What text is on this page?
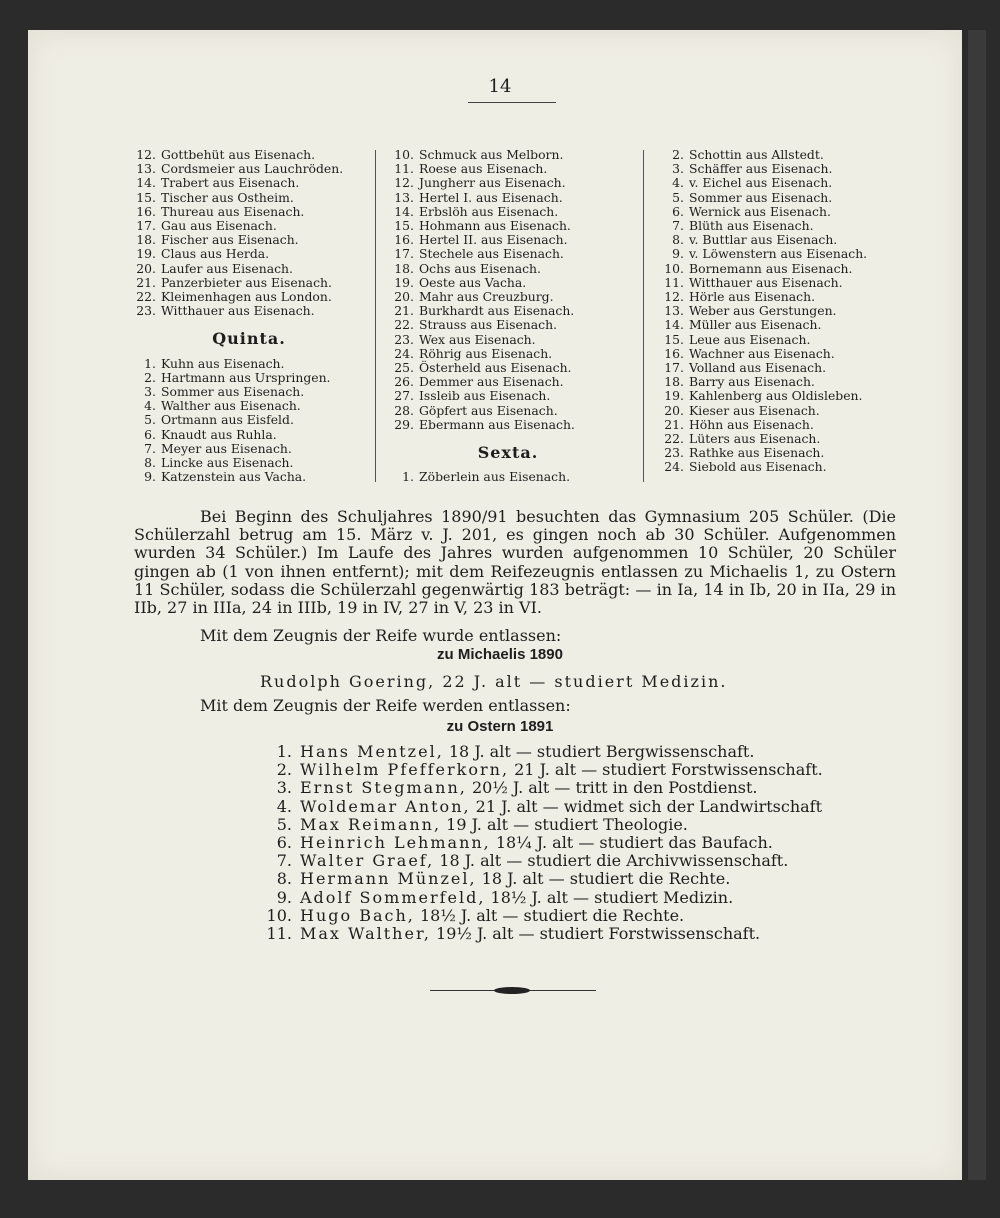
14
12. Gottbehüt aus Eisenach.
13. Cordsmeier aus Lauchröden.
14. Trabert aus Eisenach.
15. Tischer aus Ostheim.
16. Thureau aus Eisenach.
17. Gau aus Eisenach.
18. Fischer aus Eisenach.
19. Claus aus Herda.
20. Laufer aus Eisenach.
21. Panzerbieter aus Eisenach.
22. Kleimenhagen aus London.
23. Witthauer aus Eisenach.
Quinta.
1. Kuhn aus Eisenach.
2. Hartmann aus Urspringen.
3. Sommer aus Eisenach.
4. Walther aus Eisenach.
5. Ortmann aus Eisfeld.
6. Knaudt aus Ruhla.
7. Meyer aus Eisenach.
8. Lincke aus Eisenach.
9. Katzenstein aus Vacha.
10. Schmuck aus Melborn.
11. Roese aus Eisenach.
12. Jungherr aus Eisenach.
13. Hertel I. aus Eisenach.
14. Erbslöh aus Eisenach.
15. Hohmann aus Eisenach.
16. Hertel II. aus Eisenach.
17. Stechele aus Eisenach.
18. Ochs aus Eisenach.
19. Oeste aus Vacha.
20. Mahr aus Creuzburg.
21. Burkhardt aus Eisenach.
22. Strauss aus Eisenach.
23. Wex aus Eisenach.
24. Röhrig aus Eisenach.
25. Österheld aus Eisenach.
26. Demmer aus Eisenach.
27. Issleib aus Eisenach.
28. Göpfert aus Eisenach.
29. Ebermann aus Eisenach.
Sexta.
1. Zöberlein aus Eisenach.
2. Schottin aus Allstedt.
3. Schäffer aus Eisenach.
4. v. Eichel aus Eisenach.
5. Sommer aus Eisenach.
6. Wernick aus Eisenach.
7. Blüth aus Eisenach.
8. v. Buttlar aus Eisenach.
9. v. Löwenstern aus Eisenach.
10. Bornemann aus Eisenach.
11. Witthauer aus Eisenach.
12. Hörle aus Eisenach.
13. Weber aus Gerstungen.
14. Müller aus Eisenach.
15. Leue aus Eisenach.
16. Wachner aus Eisenach.
17. Volland aus Eisenach.
18. Barry aus Eisenach.
19. Kahlenberg aus Oldisleben.
20. Kieser aus Eisenach.
21. Höhn aus Eisenach.
22. Lüters aus Eisenach.
23. Rathke aus Eisenach.
24. Siebold aus Eisenach.
Bei Beginn des Schuljahres 1890/91 besuchten das Gymnasium 205 Schüler. (Die Schülerzahl betrug am 15. März v. J. 201, es gingen noch ab 30 Schüler. Aufgenommen wurden 34 Schüler.) Im Laufe des Jahres wurden aufgenommen 10 Schüler, 20 Schüler gingen ab (1 von ihnen entfernt); mit dem Reifezeugnis entlassen zu Michaelis 1, zu Ostern 11 Schüler, sodass die Schülerzahl gegenwärtig 183 beträgt: — in Ia, 14 in Ib, 20 in IIa, 29 in IIb, 27 in IIIa, 24 in IIIb, 19 in IV, 27 in V, 23 in VI.
Mit dem Zeugnis der Reife wurde entlassen:
zu Michaelis 1890
Rudolph Goering, 22 J. alt — studiert Medizin.
Mit dem Zeugnis der Reife werden entlassen:
zu Ostern 1891
1. Hans Mentzel, 18 J. alt — studiert Bergwissenschaft.
2. Wilhelm Pfefferkorn, 21 J. alt — studiert Forstwissenschaft.
3. Ernst Stegmann, 20½ J. alt — tritt in den Postdienst.
4. Woldemar Anton, 21 J. alt — widmet sich der Landwirtschaft
5. Max Reimann, 19 J. alt — studiert Theologie.
6. Heinrich Lehmann, 18¼ J. alt — studiert das Baufach.
7. Walter Graef, 18 J. alt — studiert die Archivwissenschaft.
8. Hermann Münzel, 18 J. alt — studiert die Rechte.
9. Adolf Sommerfeld, 18½ J. alt — studiert Medizin.
10. Hugo Bach, 18½ J. alt — studiert die Rechte.
11. Max Walther, 19½ J. alt — studiert Forstwissenschaft.
